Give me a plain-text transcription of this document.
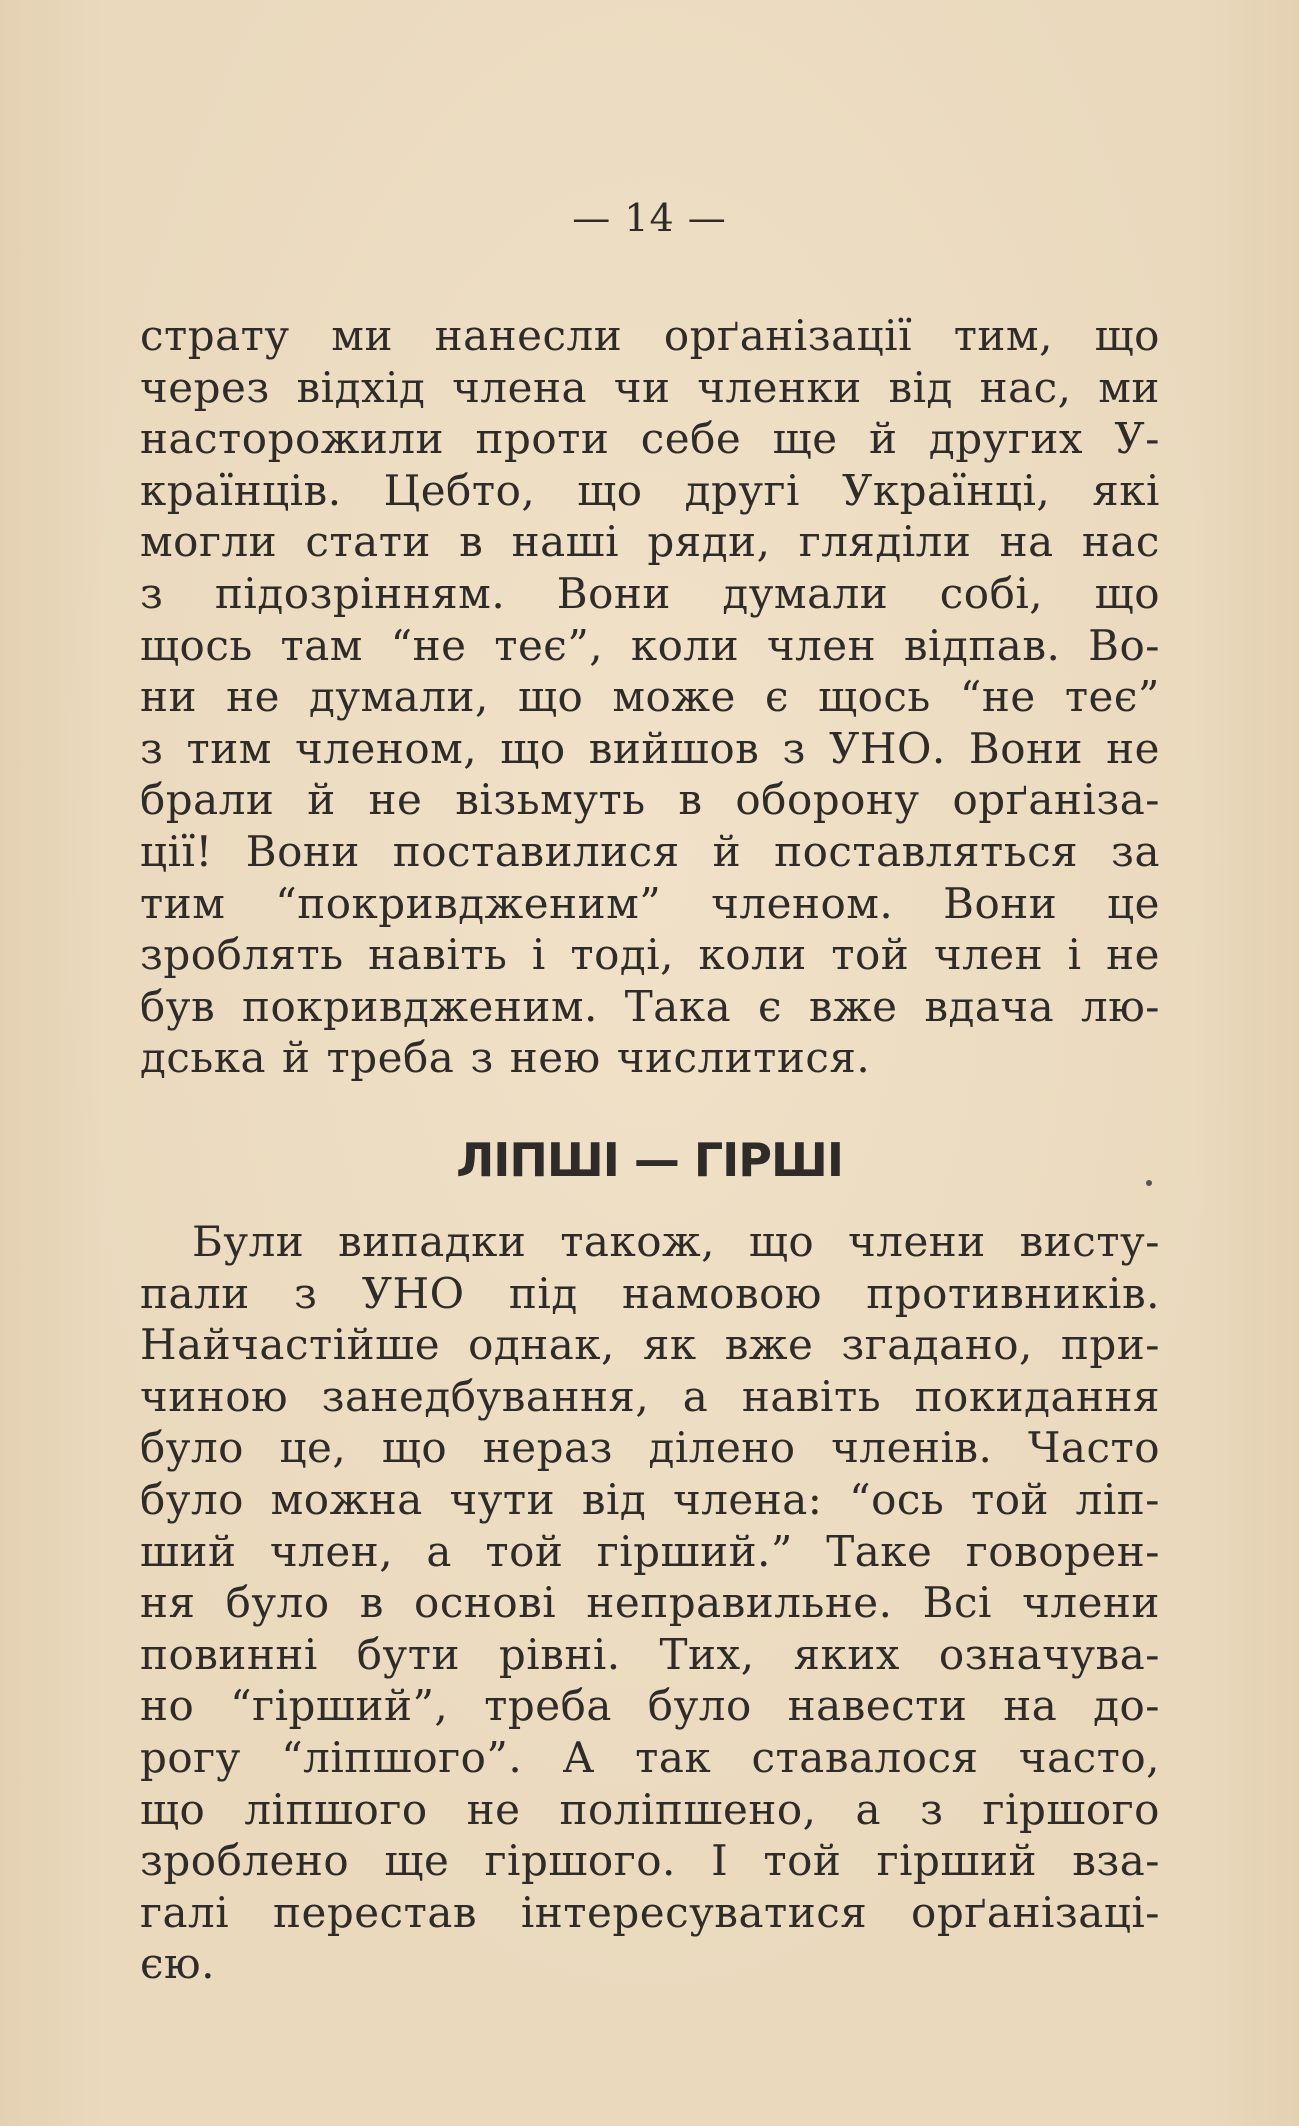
— 14 —
страту ми нанесли орґанізації тим, що
через відхід члена чи членки від нас, ми
насторожили проти себе ще й других У-
країнців. Цебто, що другі Українці, які
могли стати в наші ряди, гляділи на нас
з підозрінням. Вони думали собі, що
щось там “не теє”, коли член відпав. Во-
ни не думали, що може є щось “не теє”
з тим членом, що вийшов з УНО. Вони не
брали й не візьмуть в оборону орґаніза-
ції! Вони поставилися й поставляться за
тим “покривдженим” членом. Вони це
зроблять навіть і тоді, коли той член і не
був покривдженим. Така є вже вдача лю-
дська й треба з нею числитися.
ЛІПШІ — ГІРШІ
Були випадки також, що члени висту-
пали з УНО під намовою противників.
Найчастійше однак, як вже згадано, при-
чиною занедбування, а навіть покидання
було це, що нераз ділено членів. Часто
було можна чути від члена: “ось той ліп-
ший член, а той гірший.” Таке говорен-
ня було в основі неправильне. Всі члени
повинні бути рівні. Тих, яких означува-
но “гірший”, треба було навести на до-
рогу “ліпшого”. А так ставалося часто,
що ліпшого не поліпшено, а з гіршого
зроблено ще гіршого. І той гірший вза-
галі перестав інтересуватися орґанізаці-
єю.
